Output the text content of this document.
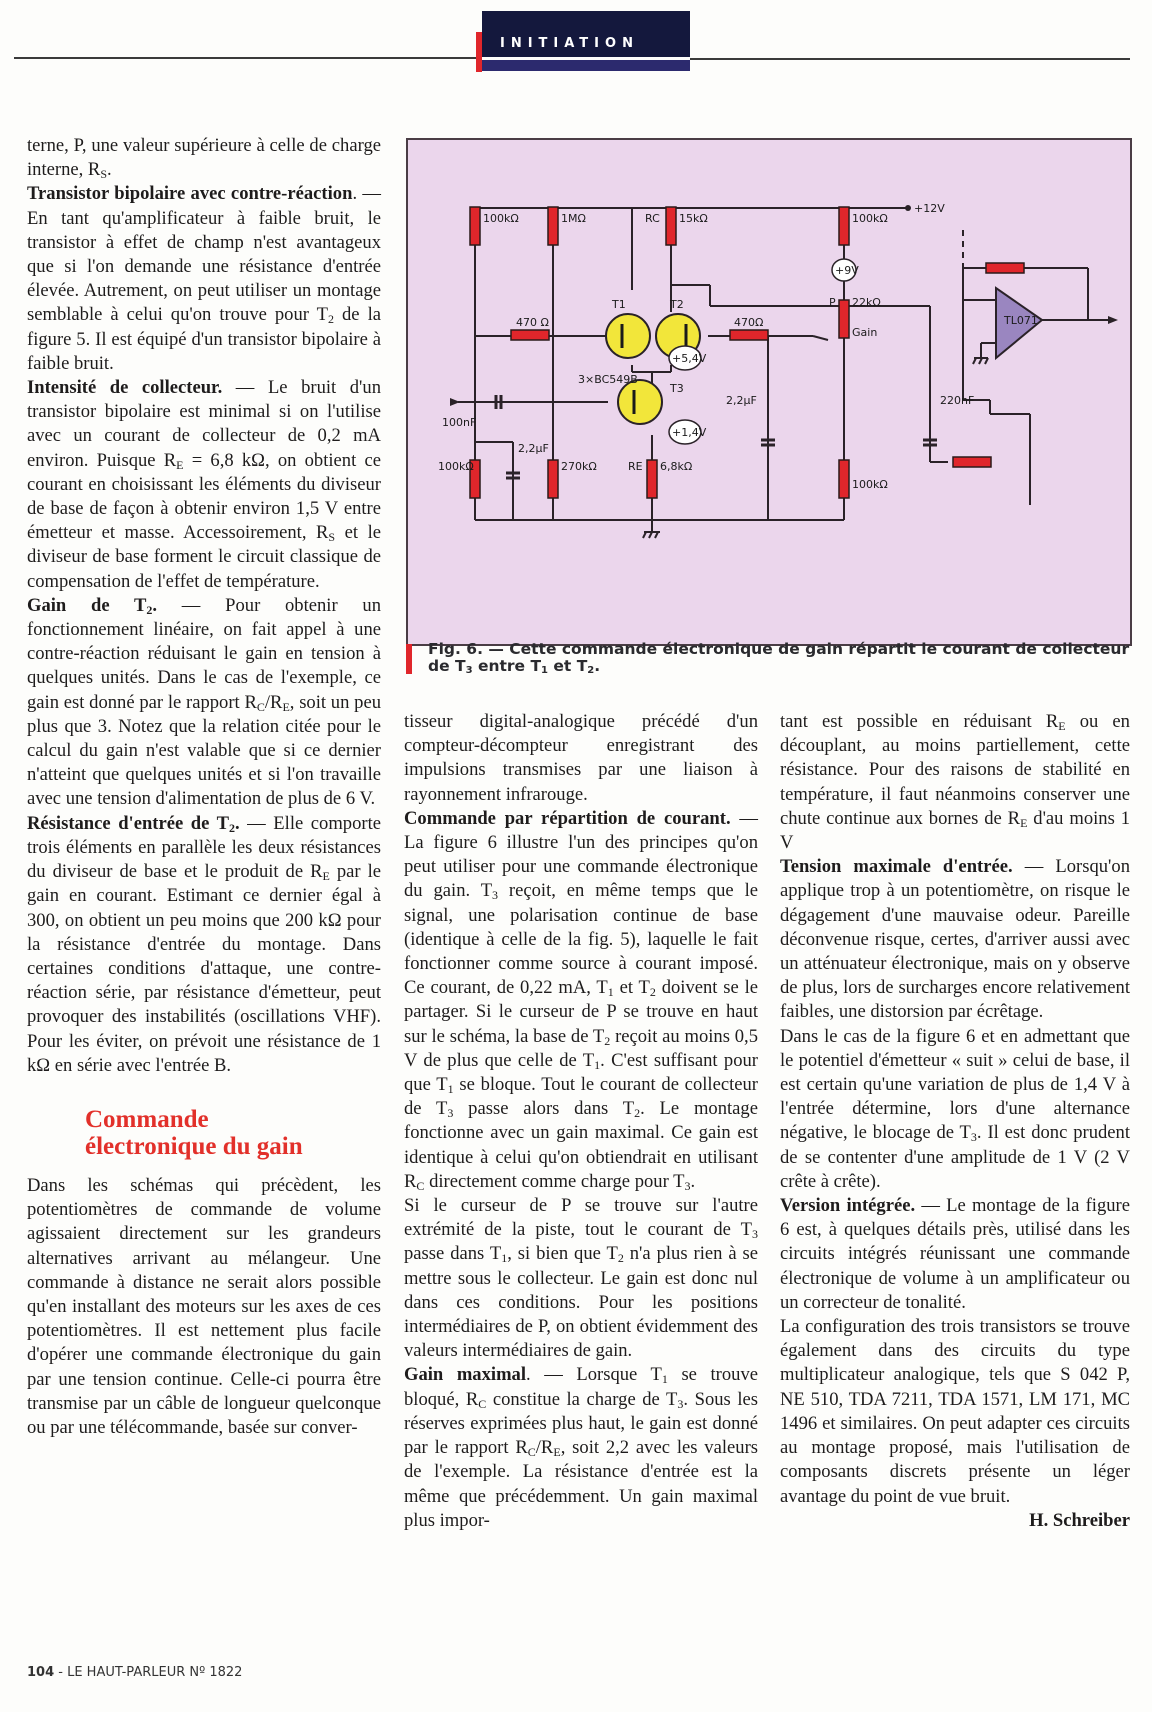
INITIATION

terne, P, une valeur supérieure à celle de charge interne, $R_S$.

Transistor bipolaire avec contre-réaction. — En tant qu'amplificateur à faible bruit, le transistor à effet de champ n'est avantageux que si l'on demande une résistance d'entrée élevée. Autrement, on peut utiliser un montage semblable à celui qu'on trouve pour $T_2$ de la figure 5. Il est équipé d'un transistor bipolaire à faible bruit.

Intensité de collecteur. — Le bruit d'un transistor bipolaire est minimal si on l'utilise avec un courant de collecteur de 0,2 mA environ. Puisque $R_E = 6,8$ kΩ, on obtient ce courant en choisissant les éléments du diviseur de base de façon à obtenir environ 1,5 V entre émetteur et masse. Accessoirement, $R_S$ et le diviseur de base forment le circuit classique de compensation de l'effet de température.

Gain de $T_2$. — Pour obtenir un fonctionnement linéaire, on fait appel à une contre-réaction réduisant le gain en tension à quelques unités. Dans le cas de l'exemple, ce gain est donné par le rapport $R_C/R_E$, soit un peu plus que 3. Notez que la relation citée pour le calcul du gain n'est valable que si ce dernier n'atteint que quelques unités et si l'on travaille avec une tension d'alimentation de plus de 6 V.

Résistance d'entrée de $T_2$. — Elle comporte trois éléments en parallèle les deux résistances du diviseur de base et le produit de $R_E$ par le gain en courant. Estimant ce dernier égal à 300, on obtient un peu moins que 200 kΩ pour la résistance d'entrée du montage. Dans certaines conditions d'attaque, une contre-réaction série, par résistance d'émetteur, peut provoquer des instabilités (oscillations VHF). Pour les éviter, on prévoit une résistance de 1 kΩ en série avec l'entrée B.

Commande
électronique du gain

Dans les schémas qui précèdent, les potentiomètres de commande de volume agissaient directement sur les grandeurs alternatives arrivant au mélangeur. Une commande à distance ne serait alors possible qu'en installant des moteurs sur les axes de ces potentiomètres. Il est nettement plus facile d'opérer une commande électronique du gain par une tension continue. Celle-ci pourra être transmise par un câble de longueur quelconque ou par une télécommande, basée sur conver-

+12V
TL071
+5,4V
+1,4V
+9V
100kΩ	1MΩ	RC 15kΩ	100kΩ
470 Ω	470Ω
T1	T2
T3
3×BC549B
P 22kΩ
Gain
100nF
2,2µF
2,2µF	220nF
100kΩ	270kΩ	RE 6,8kΩ
100kΩ
Fig. 6. — Cette commande électronique de gain répartit le courant de collecteur de $T_3$ entre $T_1$ et $T_2$.

tisseur digital-analogique précédé d'un compteur-décompteur enregistrant des impulsions transmises par une liaison à rayonnement infrarouge.

Commande par répartition de courant. — La figure 6 illustre l'un des principes qu'on peut utiliser pour une commande électronique du gain. $T_3$ reçoit, en même temps que le signal, une polarisation continue de base (identique à celle de la fig. 5), laquelle le fait fonctionner comme source à courant imposé. Ce courant, de 0,22 mA, $T_1$ et $T_2$ doivent se le partager. Si le curseur de P se trouve en haut sur le schéma, la base de $T_2$ reçoit au moins 0,5 V de plus que celle de $T_1$. C'est suffisant pour que $T_1$ se bloque. Tout le courant de collecteur de $T_3$ passe alors dans $T_2$. Le montage fonctionne avec un gain maximal. Ce gain est identique à celui qu'on obtiendrait en utilisant $R_C$ directement comme charge pour $T_3$.

Si le curseur de P se trouve sur l'autre extrémité de la piste, tout le courant de $T_3$ passe dans $T_1$, si bien que $T_2$ n'a plus rien à se mettre sous le collecteur. Le gain est donc nul dans ces conditions. Pour les positions intermédiaires de P, on obtient évidemment des valeurs intermédiaires de gain.

Gain maximal. — Lorsque $T_1$ se trouve bloqué, $R_C$ constitue la charge de $T_3$. Sous les réserves exprimées plus haut, le gain est donné par le rapport $R_C/R_E$, soit 2,2 avec les valeurs de l'exemple. La résistance d'entrée est la même que précédemment. Un gain maximal plus impor-

tant est possible en réduisant $R_E$ ou en découplant, au moins partiellement, cette résistance. Pour des raisons de stabilité en température, il faut néanmoins conserver une chute continue aux bornes de $R_E$ d'au moins 1 V

Tension maximale d'entrée. — Lorsqu'on applique trop à un potentiomètre, on risque le dégagement d'une mauvaise odeur. Pareille déconvenue risque, certes, d'arriver aussi avec un atténuateur électronique, mais on y observe de plus, lors de surcharges encore relativement faibles, une distorsion par écrêtage.

Dans le cas de la figure 6 et en admettant que le potentiel d'émetteur « suit » celui de base, il est certain qu'une variation de plus de 1,4 V à l'entrée détermine, lors d'une alternance négative, le blocage de $T_3$. Il est donc prudent de se contenter d'une amplitude de 1 V (2 V crête à crête).

Version intégrée. — Le montage de la figure 6 est, à quelques détails près, utilisé dans les circuits intégrés réunissant une commande électronique de volume à un amplificateur ou un correcteur de tonalité.

La configuration des trois transistors se trouve également dans des circuits du type multiplicateur analogique, tels que S 042 P, NE 510, TDA 7211, TDA 1571, LM 171, MC 1496 et similaires. On peut adapter ces circuits au montage proposé, mais l'utilisation de composants discrets présente un léger avantage du point de vue bruit.

H. Schreiber

104 - LE HAUT-PARLEUR Nº 1822
